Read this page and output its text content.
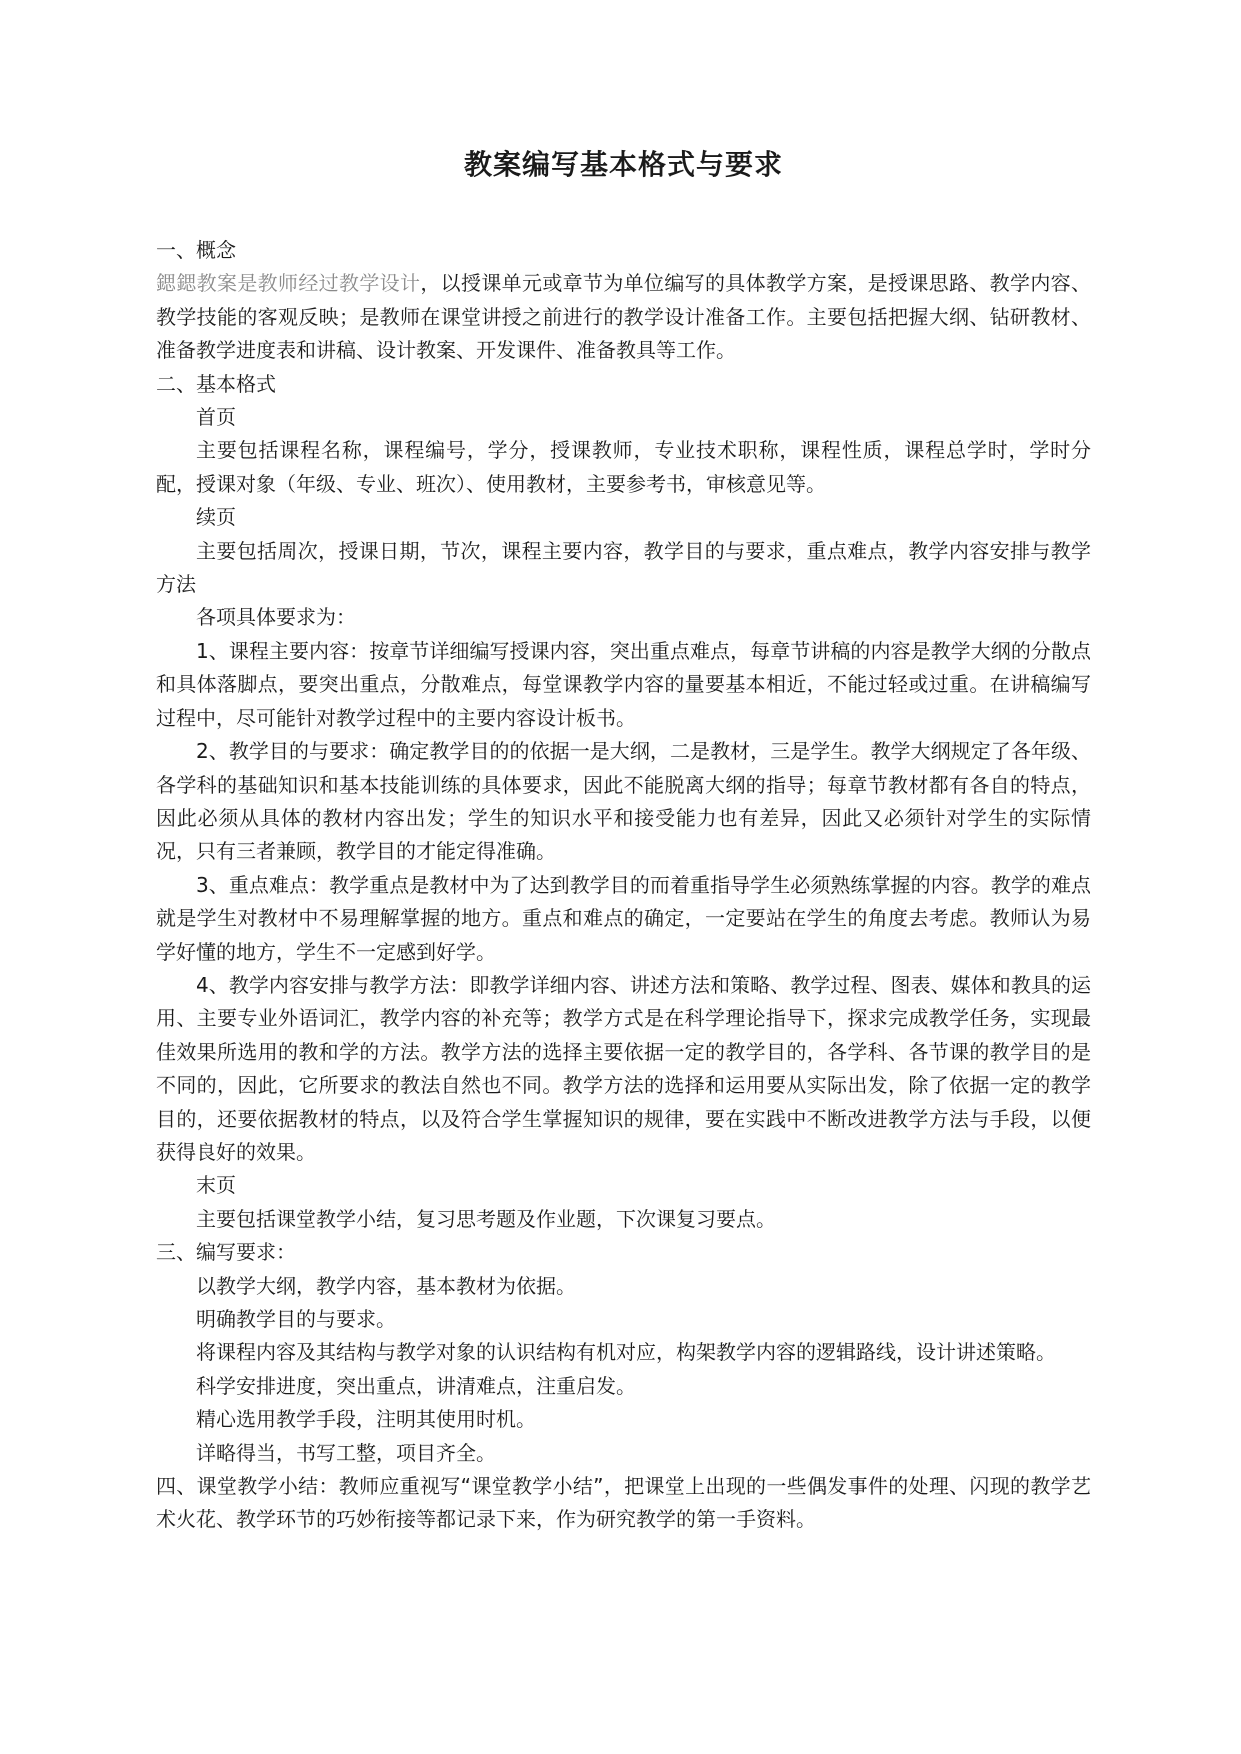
教案编写基本格式与要求

一、概念

鍶鍶教案是教师经过教学设计，以授课单元或章节为单位编写的具体教学方案，是授课思路、教学内容、教学技能的客观反映；是教师在课堂讲授之前进行的教学设计准备工作。主要包括把握大纲、钻研教材、准备教学进度表和讲稿、设计教案、开发课件、准备教具等工作。

二、基本格式

首页

主要包括课程名称，课程编号，学分，授课教师，专业技术职称，课程性质，课程总学时，学时分配，授课对象（年级、专业、班次）、使用教材，主要参考书，审核意见等。

续页

主要包括周次，授课日期，节次，课程主要内容，教学目的与要求，重点难点，教学内容安排与教学方法

各项具体要求为：

1、课程主要内容：按章节详细编写授课内容，突出重点难点，每章节讲稿的内容是教学大纲的分散点和具体落脚点，要突出重点，分散难点，每堂课教学内容的量要基本相近，不能过轻或过重。在讲稿编写过程中，尽可能针对教学过程中的主要内容设计板书。

2、教学目的与要求：确定教学目的的依据一是大纲，二是教材，三是学生。教学大纲规定了各年级、各学科的基础知识和基本技能训练的具体要求，因此不能脱离大纲的指导；每章节教材都有各自的特点，因此必须从具体的教材内容出发；学生的知识水平和接受能力也有差异，因此又必须针对学生的实际情况，只有三者兼顾，教学目的才能定得准确。

3、重点难点：教学重点是教材中为了达到教学目的而着重指导学生必须熟练掌握的内容。教学的难点就是学生对教材中不易理解掌握的地方。重点和难点的确定，一定要站在学生的角度去考虑。教师认为易学好懂的地方，学生不一定感到好学。

4、教学内容安排与教学方法：即教学详细内容、讲述方法和策略、教学过程、图表、媒体和教具的运用、主要专业外语词汇，教学内容的补充等；教学方式是在科学理论指导下，探求完成教学任务，实现最佳效果所选用的教和学的方法。教学方法的选择主要依据一定的教学目的，各学科、各节课的教学目的是不同的，因此，它所要求的教法自然也不同。教学方法的选择和运用要从实际出发，除了依据一定的教学目的，还要依据教材的特点，以及符合学生掌握知识的规律，要在实践中不断改进教学方法与手段，以便获得良好的效果。

末页

主要包括课堂教学小结，复习思考题及作业题，下次课复习要点。

三、编写要求：

以教学大纲，教学内容，基本教材为依据。

明确教学目的与要求。

将课程内容及其结构与教学对象的认识结构有机对应，构架教学内容的逻辑路线，设计讲述策略。

科学安排进度，突出重点，讲清难点，注重启发。

精心选用教学手段，注明其使用时机。

详略得当，书写工整，项目齐全。

四、课堂教学小结：教师应重视写“课堂教学小结”，把课堂上出现的一些偶发事件的处理、闪现的教学艺术火花、教学环节的巧妙衔接等都记录下来，作为研究教学的第一手资料。
